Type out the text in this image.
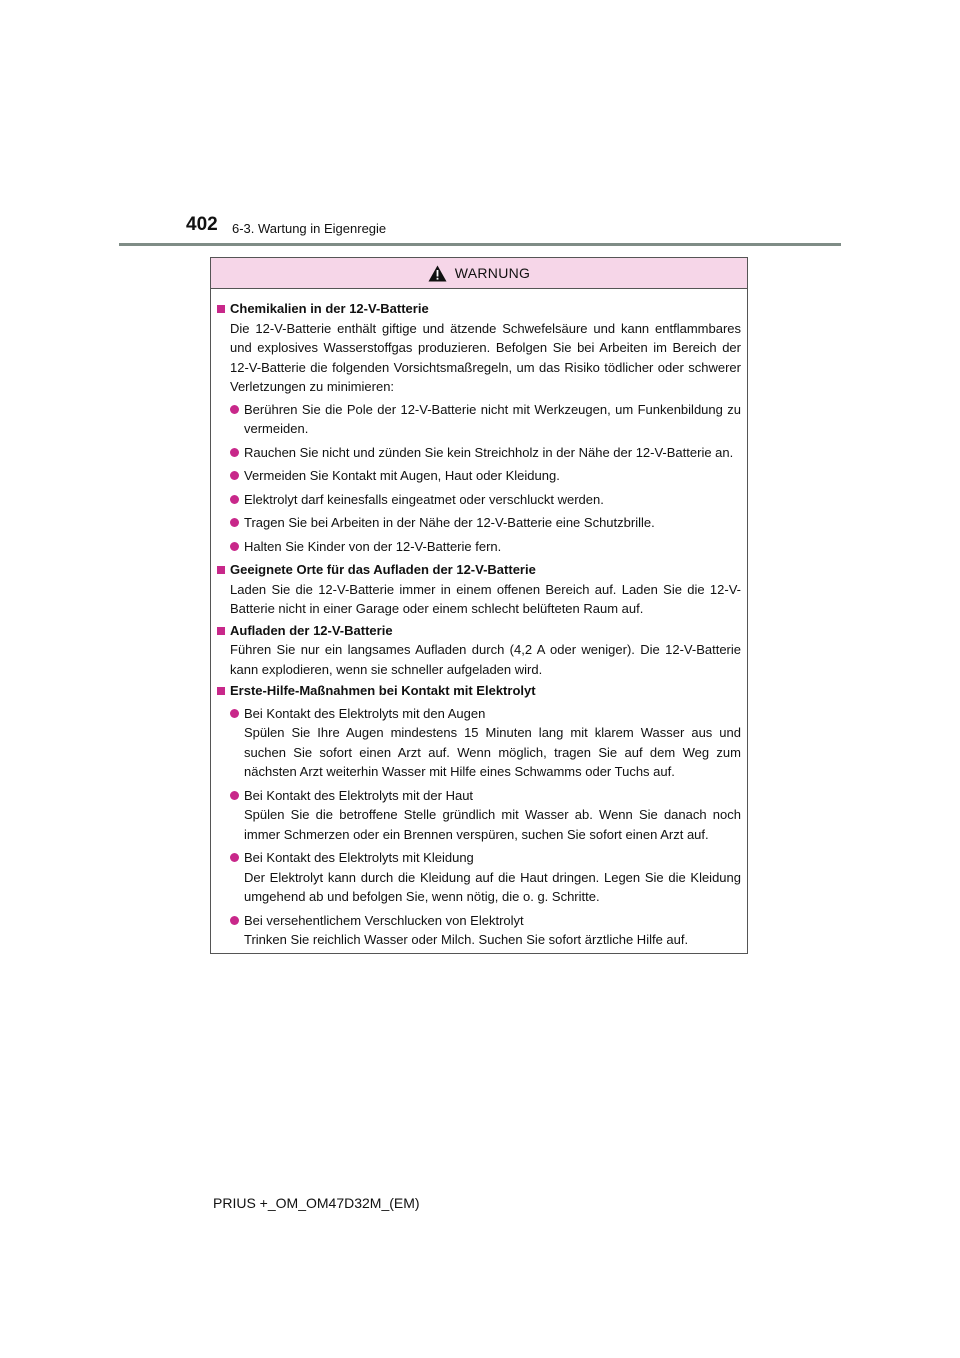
402 6-3. Wartung in Eigenregie
WARNUNG
Chemikalien in der 12-V-Batterie
Die 12-V-Batterie enthält giftige und ätzende Schwefelsäure und kann entflammbares und explosives Wasserstoffgas produzieren. Befolgen Sie bei Arbeiten im Bereich der 12-V-Batterie die folgenden Vorsichtsmaßregeln, um das Risiko tödlicher oder schwerer Verletzungen zu minimieren:
Berühren Sie die Pole der 12-V-Batterie nicht mit Werkzeugen, um Funkenbildung zu vermeiden.
Rauchen Sie nicht und zünden Sie kein Streichholz in der Nähe der 12-V-Batterie an.
Vermeiden Sie Kontakt mit Augen, Haut oder Kleidung.
Elektrolyt darf keinesfalls eingeatmet oder verschluckt werden.
Tragen Sie bei Arbeiten in der Nähe der 12-V-Batterie eine Schutzbrille.
Halten Sie Kinder von der 12-V-Batterie fern.
Geeignete Orte für das Aufladen der 12-V-Batterie
Laden Sie die 12-V-Batterie immer in einem offenen Bereich auf. Laden Sie die 12-V-Batterie nicht in einer Garage oder einem schlecht belüfteten Raum auf.
Aufladen der 12-V-Batterie
Führen Sie nur ein langsames Aufladen durch (4,2 A oder weniger). Die 12-V-Batterie kann explodieren, wenn sie schneller aufgeladen wird.
Erste-Hilfe-Maßnahmen bei Kontakt mit Elektrolyt
Bei Kontakt des Elektrolyts mit den Augen
Spülen Sie Ihre Augen mindestens 15 Minuten lang mit klarem Wasser aus und suchen Sie sofort einen Arzt auf. Wenn möglich, tragen Sie auf dem Weg zum nächsten Arzt weiterhin Wasser mit Hilfe eines Schwamms oder Tuchs auf.
Bei Kontakt des Elektrolyts mit der Haut
Spülen Sie die betroffene Stelle gründlich mit Wasser ab. Wenn Sie danach noch immer Schmerzen oder ein Brennen verspüren, suchen Sie sofort einen Arzt auf.
Bei Kontakt des Elektrolyts mit Kleidung
Der Elektrolyt kann durch die Kleidung auf die Haut dringen. Legen Sie die Kleidung umgehend ab und befolgen Sie, wenn nötig, die o. g. Schritte.
Bei versehentlichem Verschlucken von Elektrolyt
Trinken Sie reichlich Wasser oder Milch. Suchen Sie sofort ärztliche Hilfe auf.
PRIUS +_OM_OM47D32M_(EM)
